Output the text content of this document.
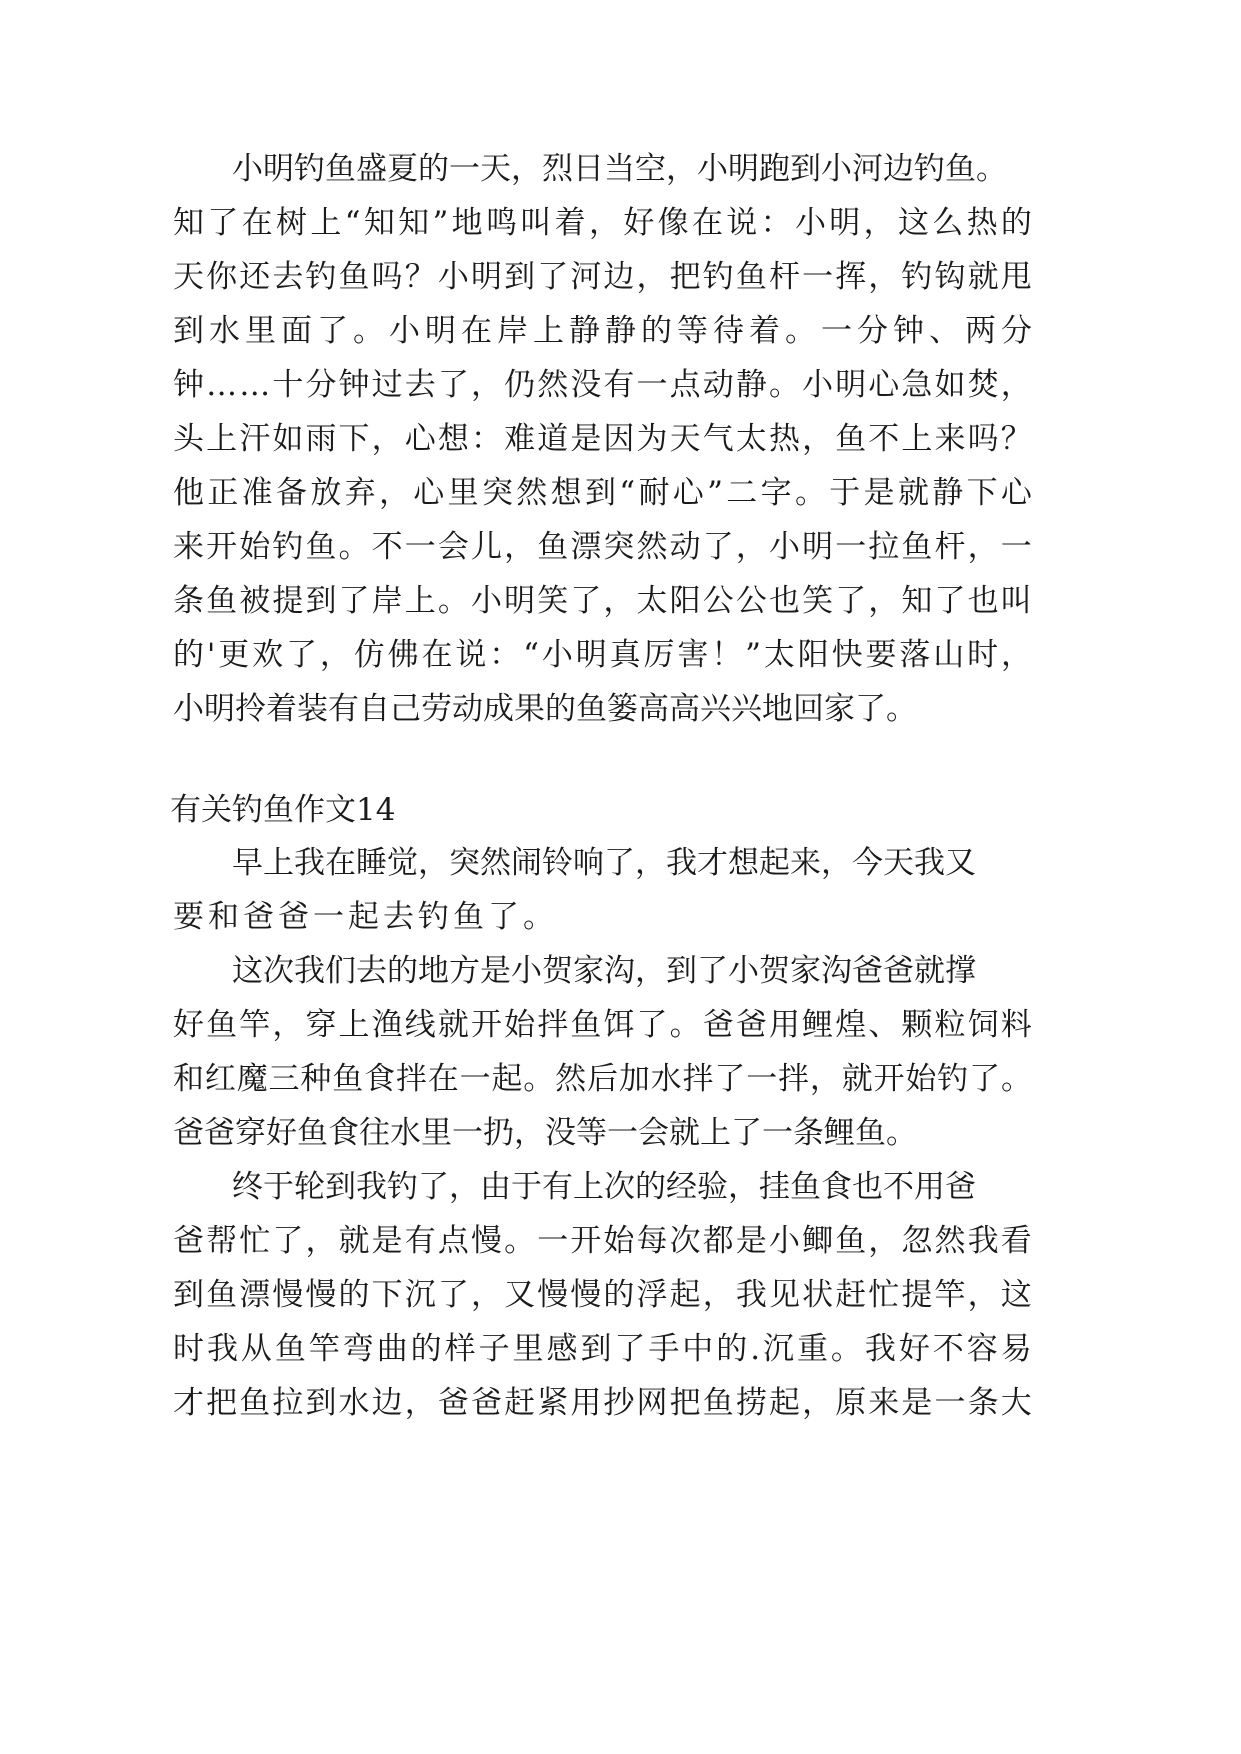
小 明 钓 鱼 盛 夏 的 一 天 ， 烈 日 当 空 ， 小 明 跑 到 小 河 边 钓 鱼 。
知 了 在 树 上 “ 知 知 ” 地 鸣 叫 着 ， 好 像 在 说 ： 小 明 ， 这 么 热 的
天 你 还 去 钓 鱼 吗 ？ 小 明 到 了 河 边 ， 把 钓 鱼 杆 一 挥 ， 钓 钩 就 甩
到 水 里 面 了 。 小 明 在 岸 上 静 静 的 等 待 着 。 一 分 钟 、 两 分
钟 … … 十 分 钟 过 去 了 ， 仍 然 没 有 一 点 动 静 。 小 明 心 急 如 焚 ，
头 上 汗 如 雨 下 ， 心 想 ： 难 道 是 因 为 天 气 太 热 ， 鱼 不 上 来 吗 ？
他 正 准 备 放 弃 ， 心 里 突 然 想 到 “ 耐 心 ” 二 字 。 于 是 就 静 下 心
来 开 始 钓 鱼 。 不 一 会 儿 ， 鱼 漂 突 然 动 了 ， 小 明 一 拉 鱼 杆 ， 一
条 鱼 被 提 到 了 岸 上 。 小 明 笑 了 ， 太 阳 公 公 也 笑 了 ， 知 了 也 叫
的 ' 更 欢 了 ， 仿 佛 在 说 ： “ 小 明 真 厉 害 ！ ” 太 阳 快 要 落 山 时 ，
小 明 拎 着 装 有 自 己 劳 动 成 果 的 鱼 篓 高 高 兴 兴 地 回 家 了 。
有关钓鱼作文14
早 上 我 在 睡 觉 ， 突 然 闹 铃 响 了 ， 我 才 想 起 来 ， 今 天 我 又
要和爸爸一起去钓鱼了。
这 次 我 们 去 的 地 方 是 小 贺 家 沟 ， 到 了 小 贺 家 沟 爸 爸 就 撑
好 鱼 竿 ， 穿 上 渔 线 就 开 始 拌 鱼 饵 了 。 爸 爸 用 鲤 煌 、 颗 粒 饲 料
和 红 魔 三 种 鱼 食 拌 在 一 起 。 然 后 加 水 拌 了 一 拌 ， 就 开 始 钓 了 。
爸 爸 穿 好 鱼 食 往 水 里 一 扔 ， 没 等 一 会 就 上 了 一 条 鲤 鱼 。
终 于 轮 到 我 钓 了 ， 由 于 有 上 次 的 经 验 ， 挂 鱼 食 也 不 用 爸
爸 帮 忙 了 ， 就 是 有 点 慢 。 一 开 始 每 次 都 是 小 鲫 鱼 ， 忽 然 我 看
到 鱼 漂 慢 慢 的 下 沉 了 ， 又 慢 慢 的 浮 起 ， 我 见 状 赶 忙 提 竿 ， 这
时 我 从 鱼 竿 弯 曲 的 样 子 里 感 到 了 手 中 的 . 沉 重 。 我 好 不 容 易
才 把 鱼 拉 到 水 边 ， 爸 爸 赶 紧 用 抄 网 把 鱼 捞 起 ， 原 来 是 一 条 大
